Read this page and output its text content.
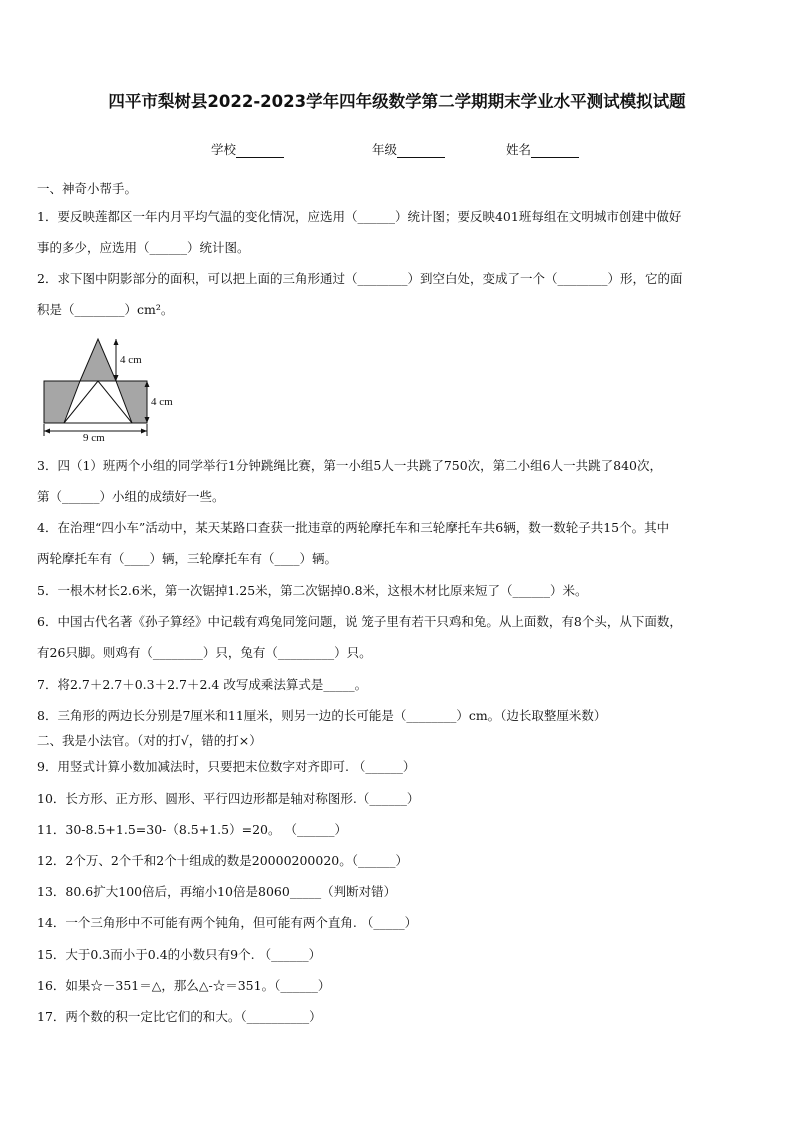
四平市梨树县2022-2023学年四年级数学第二学期期末学业水平测试模拟试题
学校	年级	姓名
一、神奇小帮手。
1．要反映莲都区一年内月平均气温的变化情况，应选用（______）统计图；要反映401班每组在文明城市创建中做好
事的多少，应选用（______）统计图。
2．求下图中阴影部分的面积，可以把上面的三角形通过（________）到空白处，变成了一个（________）形，它的面
积是（________）cm²。
4 cm
4 cm
9 cm
3．四（1）班两个小组的同学举行1分钟跳绳比赛，第一小组5人一共跳了750次，第二小组6人一共跳了840次，
第（______）小组的成绩好一些。
4．在治理“四小车”活动中，某天某路口查获一批违章的两轮摩托车和三轮摩托车共6辆，数一数轮子共15个。其中
两轮摩托车有（____）辆，三轮摩托车有（____）辆。
5．一根木材长2.6米，第一次锯掉1.25米，第二次锯掉0.8米，这根木材比原来短了（______）米。
6．中国古代名著《孙子算经》中记载有鸡兔同笼问题，说 笼子里有若干只鸡和兔。从上面数，有8个头，从下面数，
有26只脚。则鸡有（________）只，兔有（_________）只。
7．将2.7＋2.7＋0.3＋2.7＋2.4 改写成乘法算式是_____。
8．三角形的两边长分别是7厘米和11厘米，则另一边的长可能是（________）cm。（边长取整厘米数）
二、我是小法官。（对的打√，错的打×）
9．用竖式计算小数加减法时，只要把末位数字对齐即可. （______）
10．长方形、正方形、圆形、平行四边形都是轴对称图形.（______）
11．30-8.5+1.5=30-（8.5+1.5）=20。 （______）
12．2个万、2个千和2个十组成的数是20000200020。（______）
13．80.6扩大100倍后，再缩小10倍是8060_____（判断对错）
14．一个三角形中不可能有两个钝角，但可能有两个直角. （_____）
15．大于0.3而小于0.4的小数只有9个. （______）
16．如果☆－351＝△，那么△-☆＝351。（______）
17．两个数的积一定比它们的和大。（__________）
